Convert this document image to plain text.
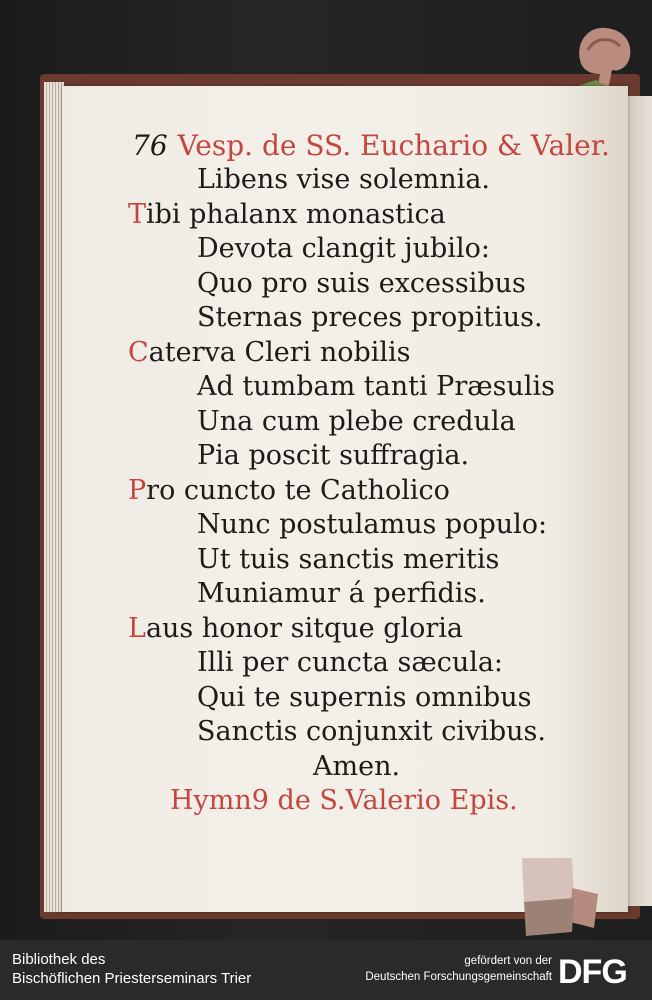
76 Vesp. de SS. Euchario & Valer.
Libens vise solemnia.
Tibi phalanx monastica
Devota clangit jubilo:
Quo pro suis excessibus
Sternas preces propitius.
Caterva Cleri nobilis
Ad tumbam tanti Præsulis
Una cum plebe credula
Pia poscit suffragia.
Pro cuncto te Catholico
Nunc postulamus populo:
Ut tuis sanctis meritis
Muniamur á perfidis.
Laus honor sitque gloria
Illi per cuncta sæcula:
Qui te supernis omnibus
Sanctis conjunxit civibus.
Amen.
Hymn9 de S.Valerio Epis.
Bibliothek des
Bischöflichen Priesterseminars Trier
gefördert von der
Deutschen Forschungsgemeinschaft DFG
